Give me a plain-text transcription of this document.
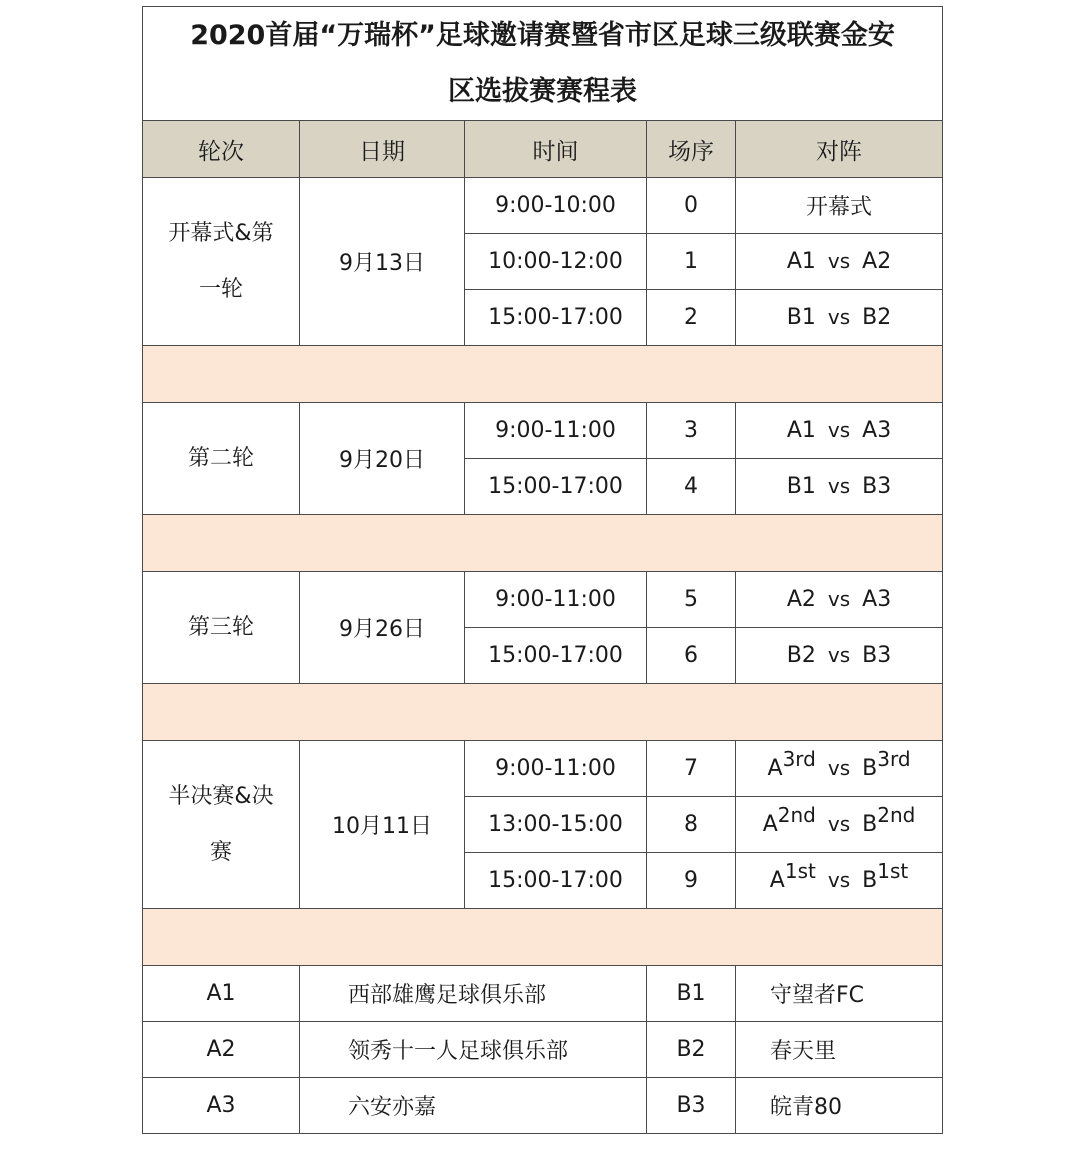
2020首届“万瑞杯”足球邀请赛暨省市区足球三级联赛金安
区选拔赛赛程表				

轮次	日期	时间	场序	对阵

开幕式&第
一轮	9月13日	9:00-10:00	0	开幕式
		10:00-12:00	1	A1 vs A2
		15:00-17:00	2	B1 vs B2

第二轮	9月20日	9:00-11:00	3	A1 vs A3
		15:00-17:00	4	B1 vs B3

第三轮	9月26日	9:00-11:00	5	A2 vs A3
		15:00-17:00	6	B2 vs B3

半决赛&决
赛	10月11日	9:00-11:00	7	$A^{3rd}$ vs $B^{3rd}$
		13:00-15:00	8	$A^{2nd}$ vs $B^{2nd}$
		15:00-17:00	9	$A^{1st}$ vs $B^{1st}$

A1	西部雄鹰足球俱乐部		B1	守望者FC
A2	领秀十一人足球俱乐部		B2	春天里
A3	六安亦嘉		B3	皖青80
